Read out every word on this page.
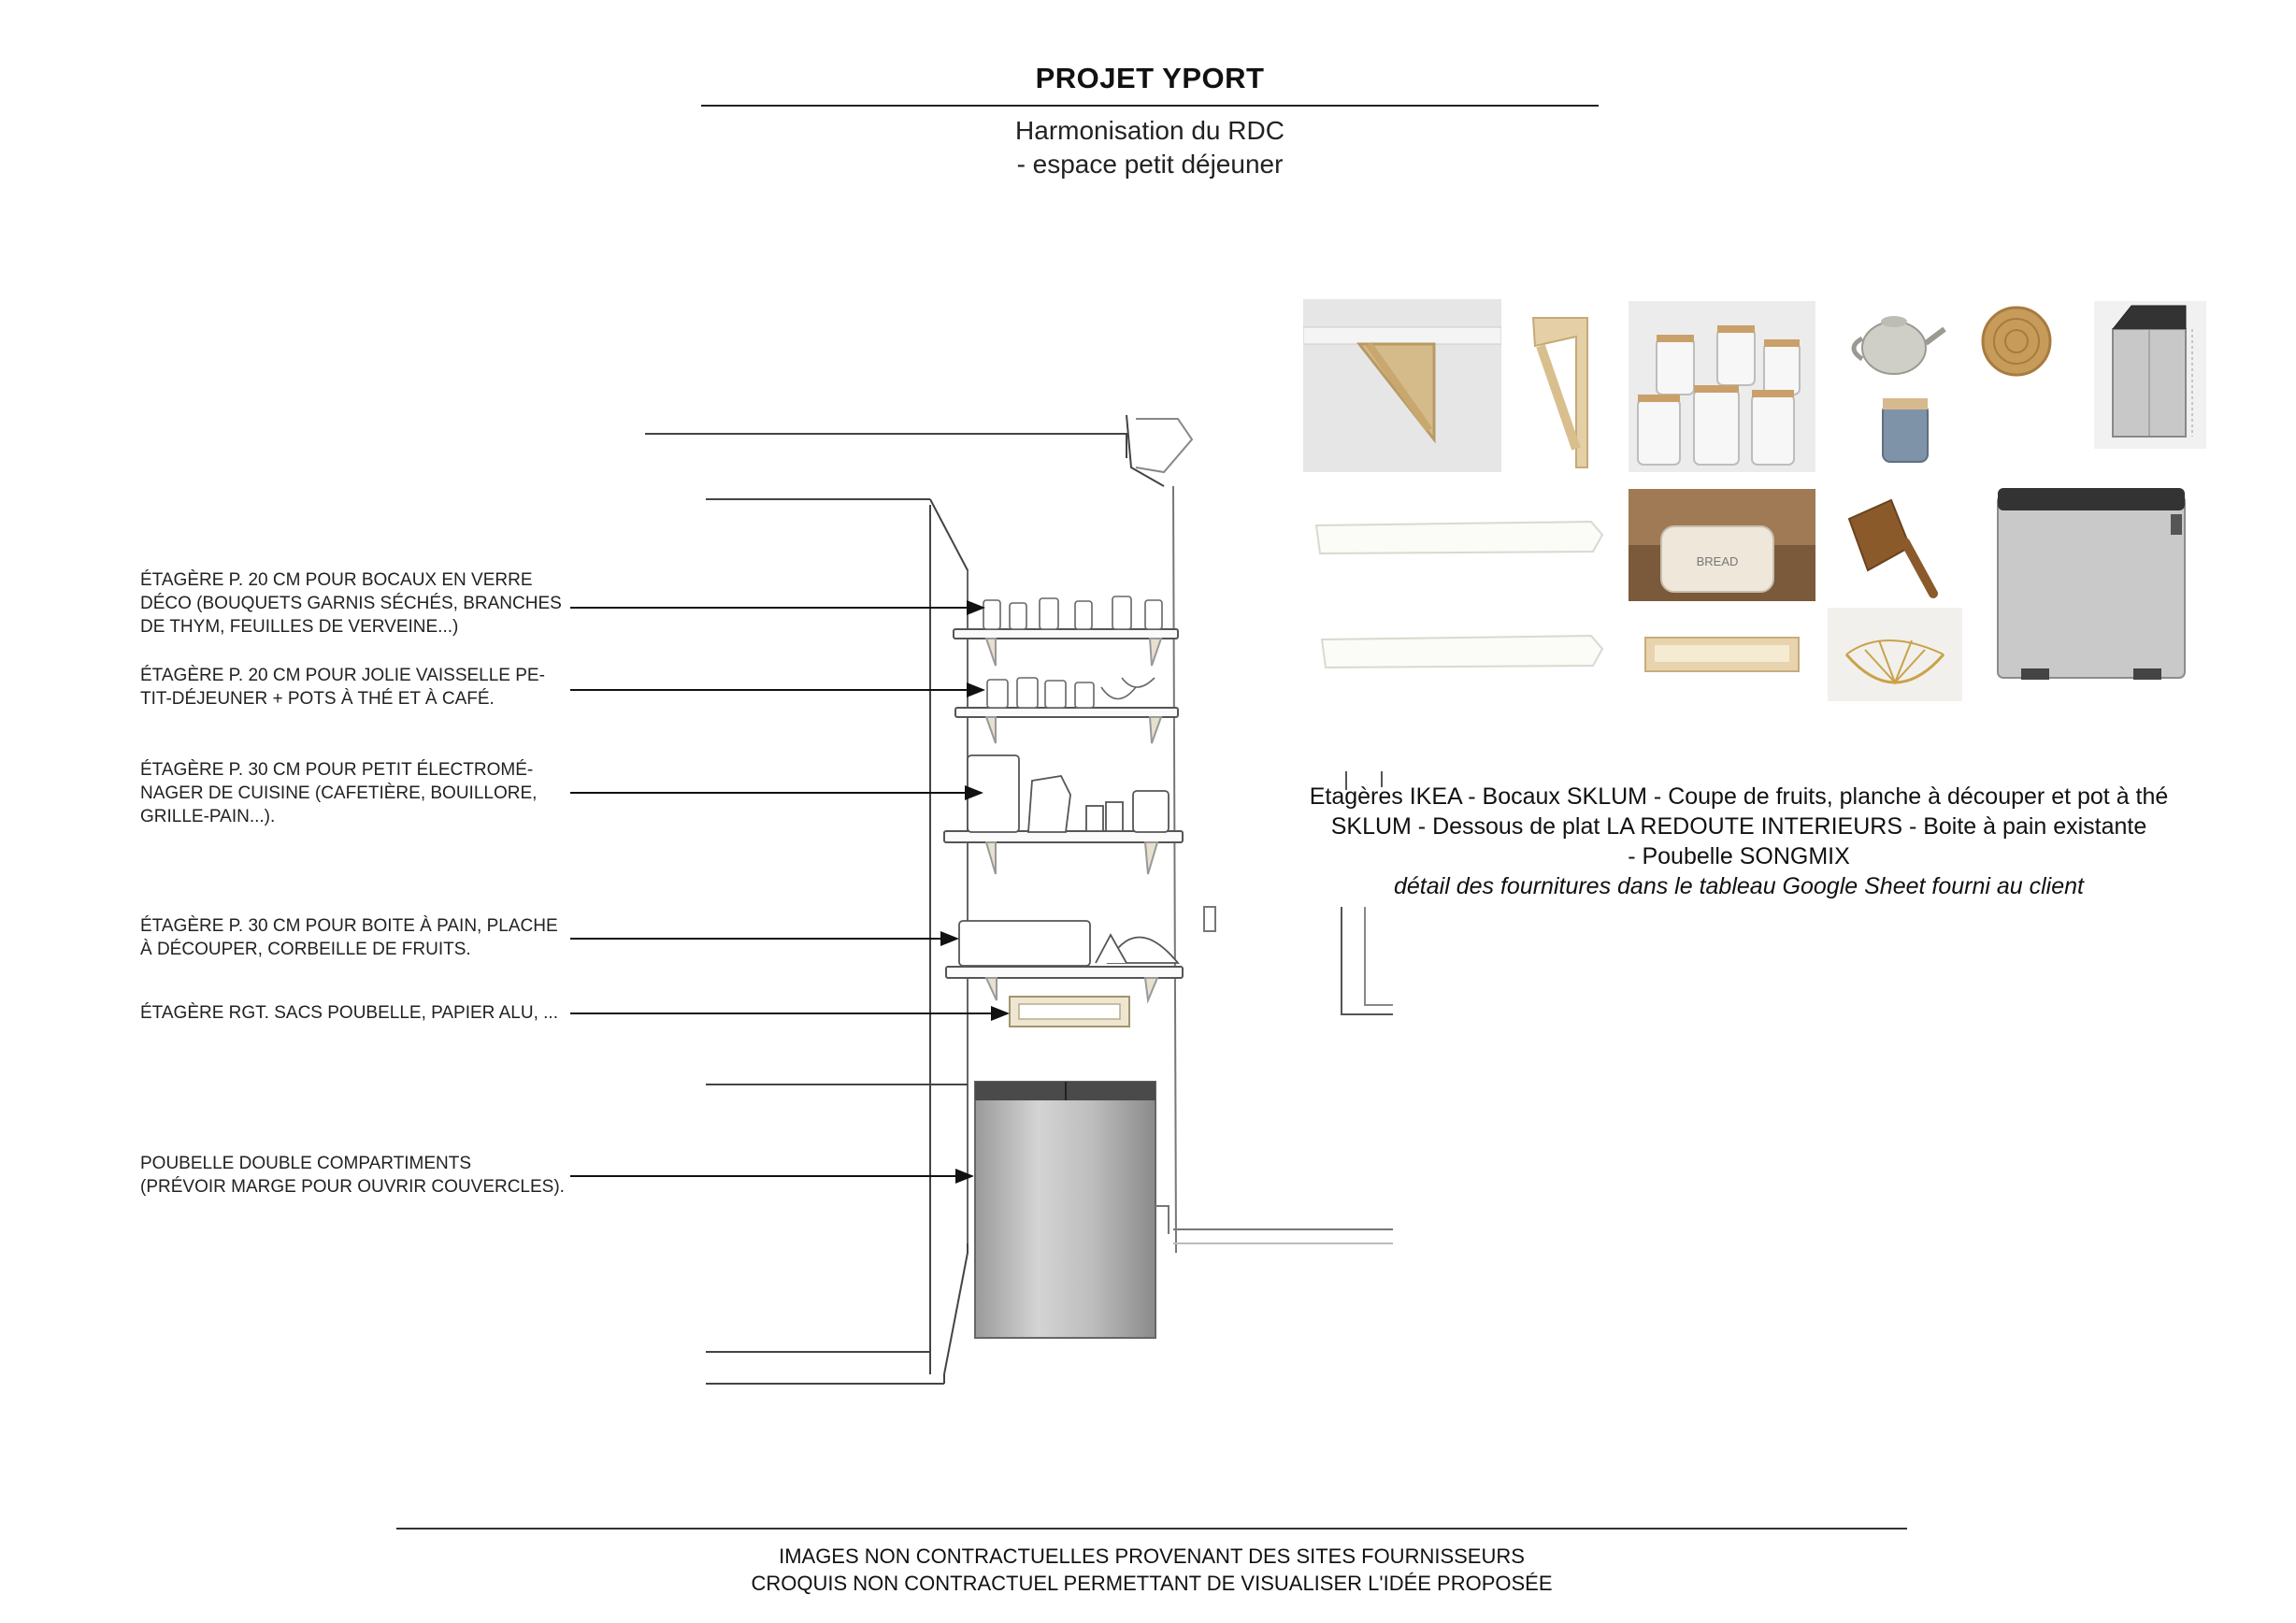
PROJET YPORT
Harmonisation du RDC
- espace petit déjeuner
ÉTAGÈRE P. 20 CM POUR BOCAUX EN VERRE
DÉCO (BOUQUETS GARNIS SÉCHÉS, BRANCHES
DE THYM, FEUILLES DE VERVEINE...)
ÉTAGÈRE P. 20 CM POUR JOLIE VAISSELLE PE-
TIT-DÉJEUNER + POTS À THÉ ET À CAFÉ.
ÉTAGÈRE P. 30 CM POUR PETIT ÉLECTROMÉ-
NAGER DE CUISINE (CAFETIÈRE, BOUILLORE,
GRILLE-PAIN...).
ÉTAGÈRE P. 30 CM POUR BOITE À PAIN, PLACHE
À DÉCOUPER, CORBEILLE DE FRUITS.
ÉTAGÈRE RGT. SACS POUBELLE, PAPIER ALU, ...
POUBELLE DOUBLE COMPARTIMENTS
(PRÉVOIR MARGE POUR OUVRIR COUVERCLES).
BREAD
Etagères IKEA - Bocaux SKLUM - Coupe de fruits, planche à découper et pot à thé
SKLUM - Dessous de plat LA REDOUTE INTERIEURS - Boite à pain existante
- Poubelle SONGMIX
détail des fournitures dans le tableau Google Sheet fourni au client
IMAGES NON CONTRACTUELLES PROVENANT DES SITES FOURNISSEURS
CROQUIS NON CONTRACTUEL PERMETTANT DE VISUALISER L'IDÉE PROPOSÉE
